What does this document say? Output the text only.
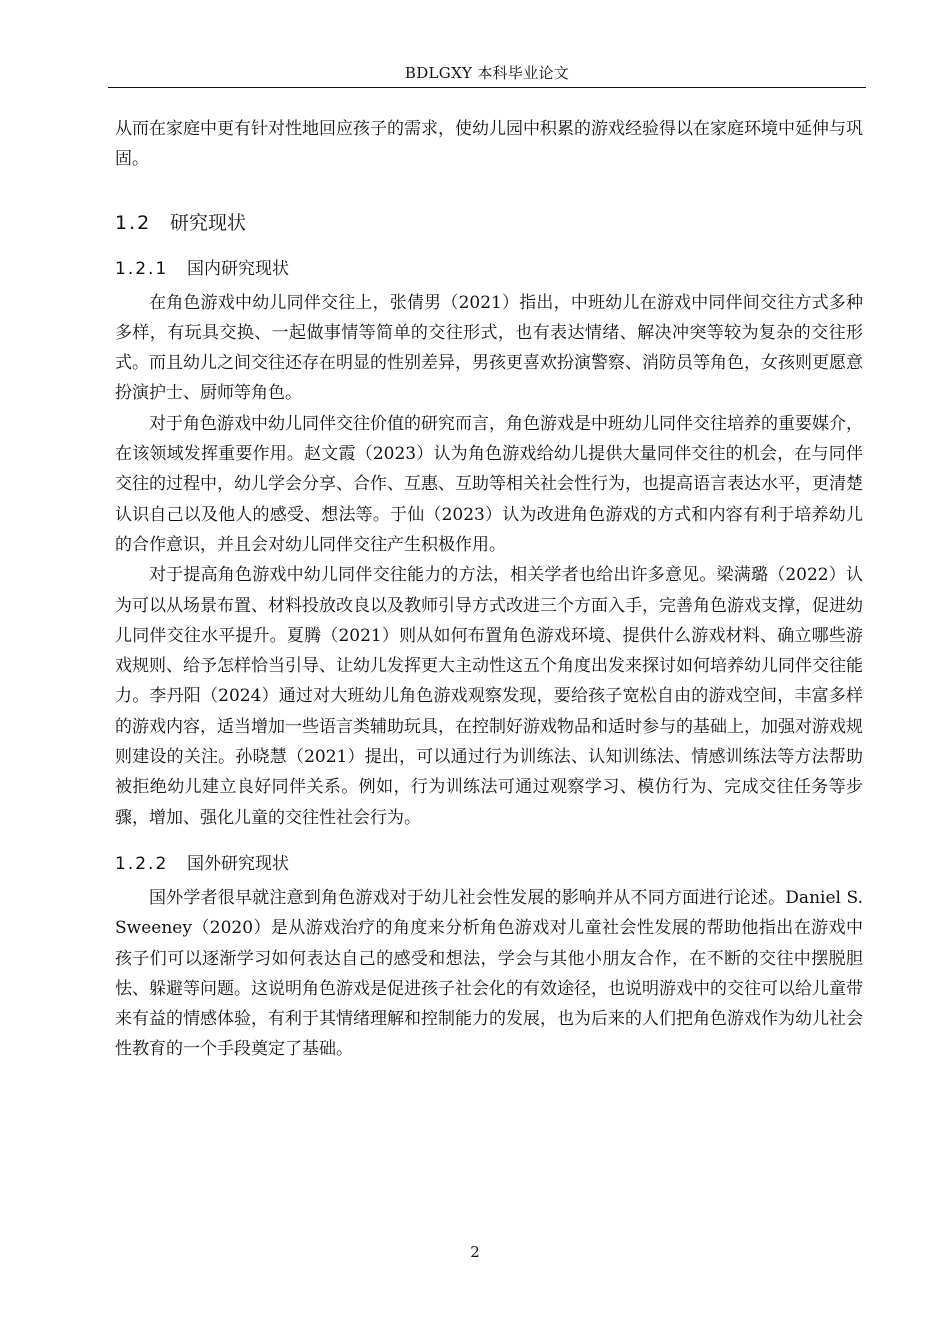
BDLGXY 本科毕业论文

从而在家庭中更有针对性地回应孩子的需求，使幼儿园中积累的游戏经验得以在家庭环境中延伸与巩固。

1.2 研究现状
1.2.1 国内研究现状

在角色游戏中幼儿同伴交往上，张倩男（2021）指出，中班幼儿在游戏中同伴间交往方式多种多样，有玩具交换、一起做事情等简单的交往形式，也有表达情绪、解决冲突等较为复杂的交往形式。而且幼儿之间交往还存在明显的性别差异，男孩更喜欢扮演警察、消防员等角色，女孩则更愿意扮演护士、厨师等角色。

对于角色游戏中幼儿同伴交往价值的研究而言，角色游戏是中班幼儿同伴交往培养的重要媒介，在该领域发挥重要作用。赵文霞（2023）认为角色游戏给幼儿提供大量同伴交往的机会，在与同伴交往的过程中，幼儿学会分享、合作、互惠、互助等相关社会性行为，也提高语言表达水平，更清楚认识自己以及他人的感受、想法等。于仙（2023）认为改进角色游戏的方式和内容有利于培养幼儿的合作意识，并且会对幼儿同伴交往产生积极作用。

对于提高角色游戏中幼儿同伴交往能力的方法，相关学者也给出许多意见。梁满璐（2022）认为可以从场景布置、材料投放改良以及教师引导方式改进三个方面入手，完善角色游戏支撑，促进幼儿同伴交往水平提升。夏腾（2021）则从如何布置角色游戏环境、提供什么游戏材料、确立哪些游戏规则、给予怎样恰当引导、让幼儿发挥更大主动性这五个角度出发来探讨如何培养幼儿同伴交往能力。李丹阳（2024）通过对大班幼儿角色游戏观察发现，要给孩子宽松自由的游戏空间，丰富多样的游戏内容，适当增加一些语言类辅助玩具，在控制好游戏物品和适时参与的基础上，加强对游戏规则建设的关注。孙晓慧（2021）提出，可以通过行为训练法、认知训练法、情感训练法等方法帮助被拒绝幼儿建立良好同伴关系。例如，行为训练法可通过观察学习、模仿行为、完成交往任务等步骤，增加、强化儿童的交往性社会行为。

1.2.2 国外研究现状

国外学者很早就注意到角色游戏对于幼儿社会性发展的影响并从不同方面进行论述。Daniel S. Sweeney（2020）是从游戏治疗的角度来分析角色游戏对儿童社会性发展的帮助他指出在游戏中孩子们可以逐渐学习如何表达自己的感受和想法，学会与其他小朋友合作，在不断的交往中摆脱胆怯、躲避等问题。这说明角色游戏是促进孩子社会化的有效途径，也说明游戏中的交往可以给儿童带来有益的情感体验，有利于其情绪理解和控制能力的发展，也为后来的人们把角色游戏作为幼儿社会性教育的一个手段奠定了基础。

2
